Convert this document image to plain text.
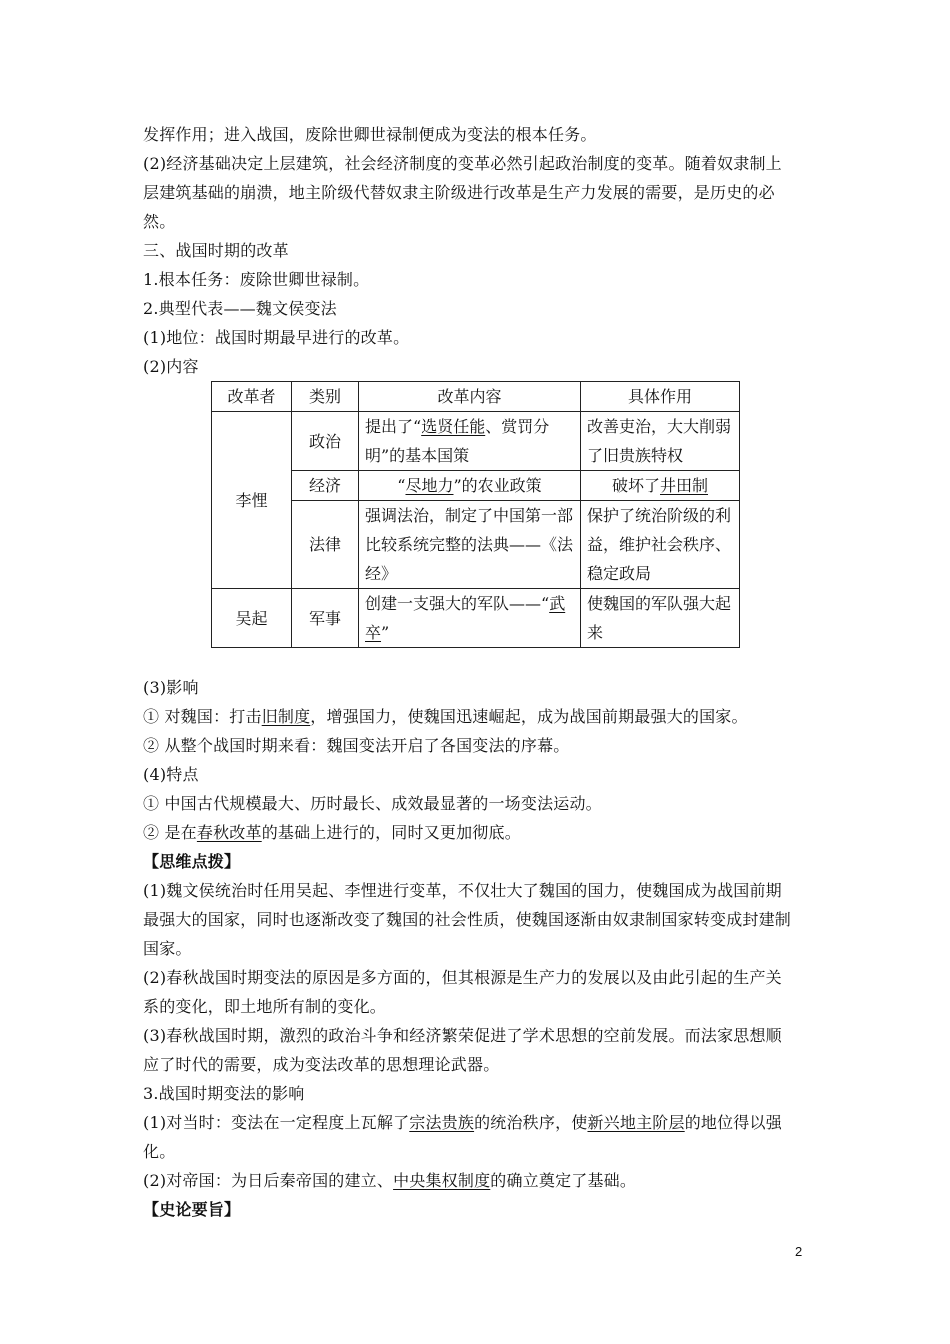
发挥作用；进入战国，废除世卿世禄制便成为变法的根本任务。
(2)经济基础决定上层建筑，社会经济制度的变革必然引起政治制度的变革。随着奴隶制上
层建筑基础的崩溃，地主阶级代替奴隶主阶级进行改革是生产力发展的需要，是历史的必
然。
三、战国时期的改革
1.根本任务：废除世卿世禄制。
2.典型代表——魏文侯变法
(1)地位：战国时期最早进行的改革。
(2)内容
改革者	类别	改革内容	具体作用
李悝	政治	提出了“选贤任能、赏罚分明”的基本国策	改善吏治，大大削弱了旧贵族特权
	经济	“尽地力”的农业政策	破坏了井田制
	法律	强调法治，制定了中国第一部比较系统完整的法典——《法经》	保护了统治阶级的利益，维护社会秩序、稳定政局
吴起	军事	创建一支强大的军队——“武卒”	使魏国的军队强大起来
(3)影响
① 对魏国：打击旧制度，增强国力，使魏国迅速崛起，成为战国前期最强大的国家。
② 从整个战国时期来看：魏国变法开启了各国变法的序幕。
(4)特点
① 中国古代规模最大、历时最长、成效最显著的一场变法运动。
② 是在春秋改革的基础上进行的，同时又更加彻底。
【思维点拨】
(1)魏文侯统治时任用吴起、李悝进行变革，不仅壮大了魏国的国力，使魏国成为战国前期
最强大的国家，同时也逐渐改变了魏国的社会性质，使魏国逐渐由奴隶制国家转变成封建制
国家。
(2)春秋战国时期变法的原因是多方面的，但其根源是生产力的发展以及由此引起的生产关
系的变化，即土地所有制的变化。
(3)春秋战国时期，激烈的政治斗争和经济繁荣促进了学术思想的空前发展。而法家思想顺
应了时代的需要，成为变法改革的思想理论武器。
3.战国时期变法的影响
(1)对当时：变法在一定程度上瓦解了宗法贵族的统治秩序，使新兴地主阶层的地位得以强
化。
(2)对帝国：为日后秦帝国的建立、中央集权制度的确立奠定了基础。
【史论要旨】
2
